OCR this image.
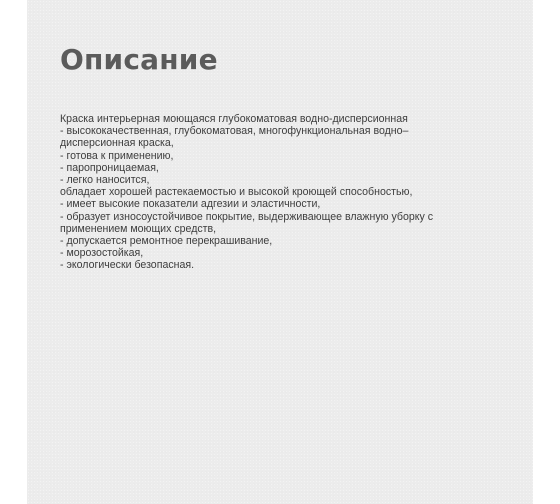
Описание
Краска интерьерная моющаяся глубокоматовая водно-дисперсионная
- высококачественная, глубокоматовая, многофункциональная водно–
дисперсионная краска,
- готова к применению,
- паропроницаемая,
- легко наносится,
обладает хорошей растекаемостью и высокой кроющей способностью,
- имеет высокие показатели адгезии и эластичности,
- образует износоустойчивое покрытие, выдерживающее влажную уборку с
применением моющих средств,
- допускается ремонтное перекрашивание,
- морозостойкая,
- экологически безопасная.
